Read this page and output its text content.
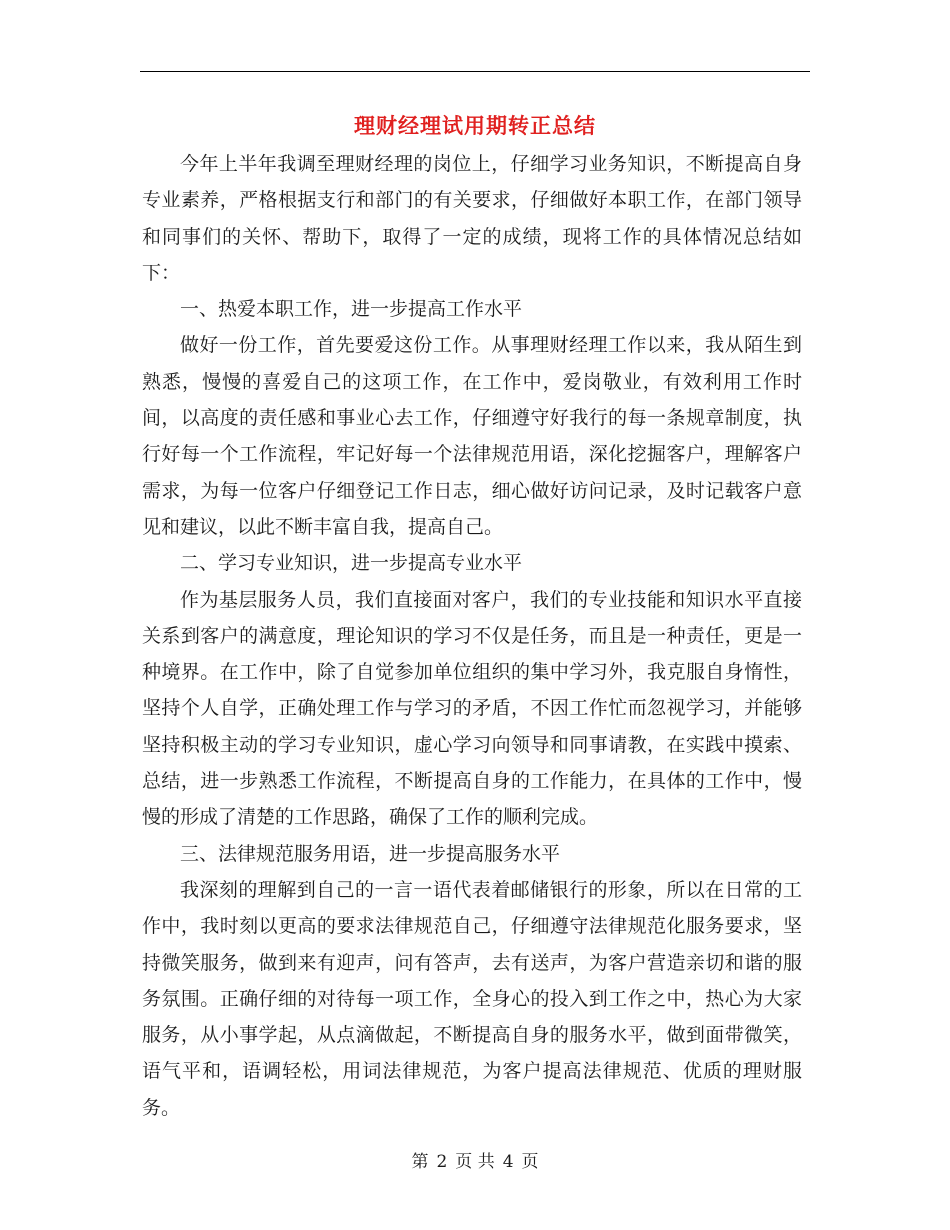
理财经理试用期转正总结

今年上半年我调至理财经理的岗位上，仔细学习业务知识，不断提高自身专业素养，严格根据支行和部门的有关要求，仔细做好本职工作，在部门领导和同事们的关怀、帮助下，取得了一定的成绩，现将工作的具体情况总结如下：

一、热爱本职工作，进一步提高工作水平

做好一份工作，首先要爱这份工作。从事理财经理工作以来，我从陌生到熟悉，慢慢的喜爱自己的这项工作，在工作中，爱岗敬业，有效利用工作时间，以高度的责任感和事业心去工作，仔细遵守好我行的每一条规章制度，执行好每一个工作流程，牢记好每一个法律规范用语，深化挖掘客户，理解客户需求，为每一位客户仔细登记工作日志，细心做好访问记录，及时记载客户意见和建议，以此不断丰富自我，提高自己。

二、学习专业知识，进一步提高专业水平

作为基层服务人员，我们直接面对客户，我们的专业技能和知识水平直接关系到客户的满意度，理论知识的学习不仅是任务，而且是一种责任，更是一种境界。在工作中，除了自觉参加单位组织的集中学习外，我克服自身惰性，坚持个人自学，正确处理工作与学习的矛盾，不因工作忙而忽视学习，并能够坚持积极主动的学习专业知识，虚心学习向领导和同事请教，在实践中摸索、总结，进一步熟悉工作流程，不断提高自身的工作能力，在具体的工作中，慢慢的形成了清楚的工作思路，确保了工作的顺利完成。

三、法律规范服务用语，进一步提高服务水平

我深刻的理解到自己的一言一语代表着邮储银行的形象，所以在日常的工作中，我时刻以更高的要求法律规范自己，仔细遵守法律规范化服务要求，坚持微笑服务，做到来有迎声，问有答声，去有送声，为客户营造亲切和谐的服务氛围。正确仔细的对待每一项工作，全身心的投入到工作之中，热心为大家服务，从小事学起，从点滴做起，不断提高自身的服务水平，做到面带微笑，语气平和，语调轻松，用词法律规范，为客户提高法律规范、优质的理财服务。

第 2 页 共 4 页
